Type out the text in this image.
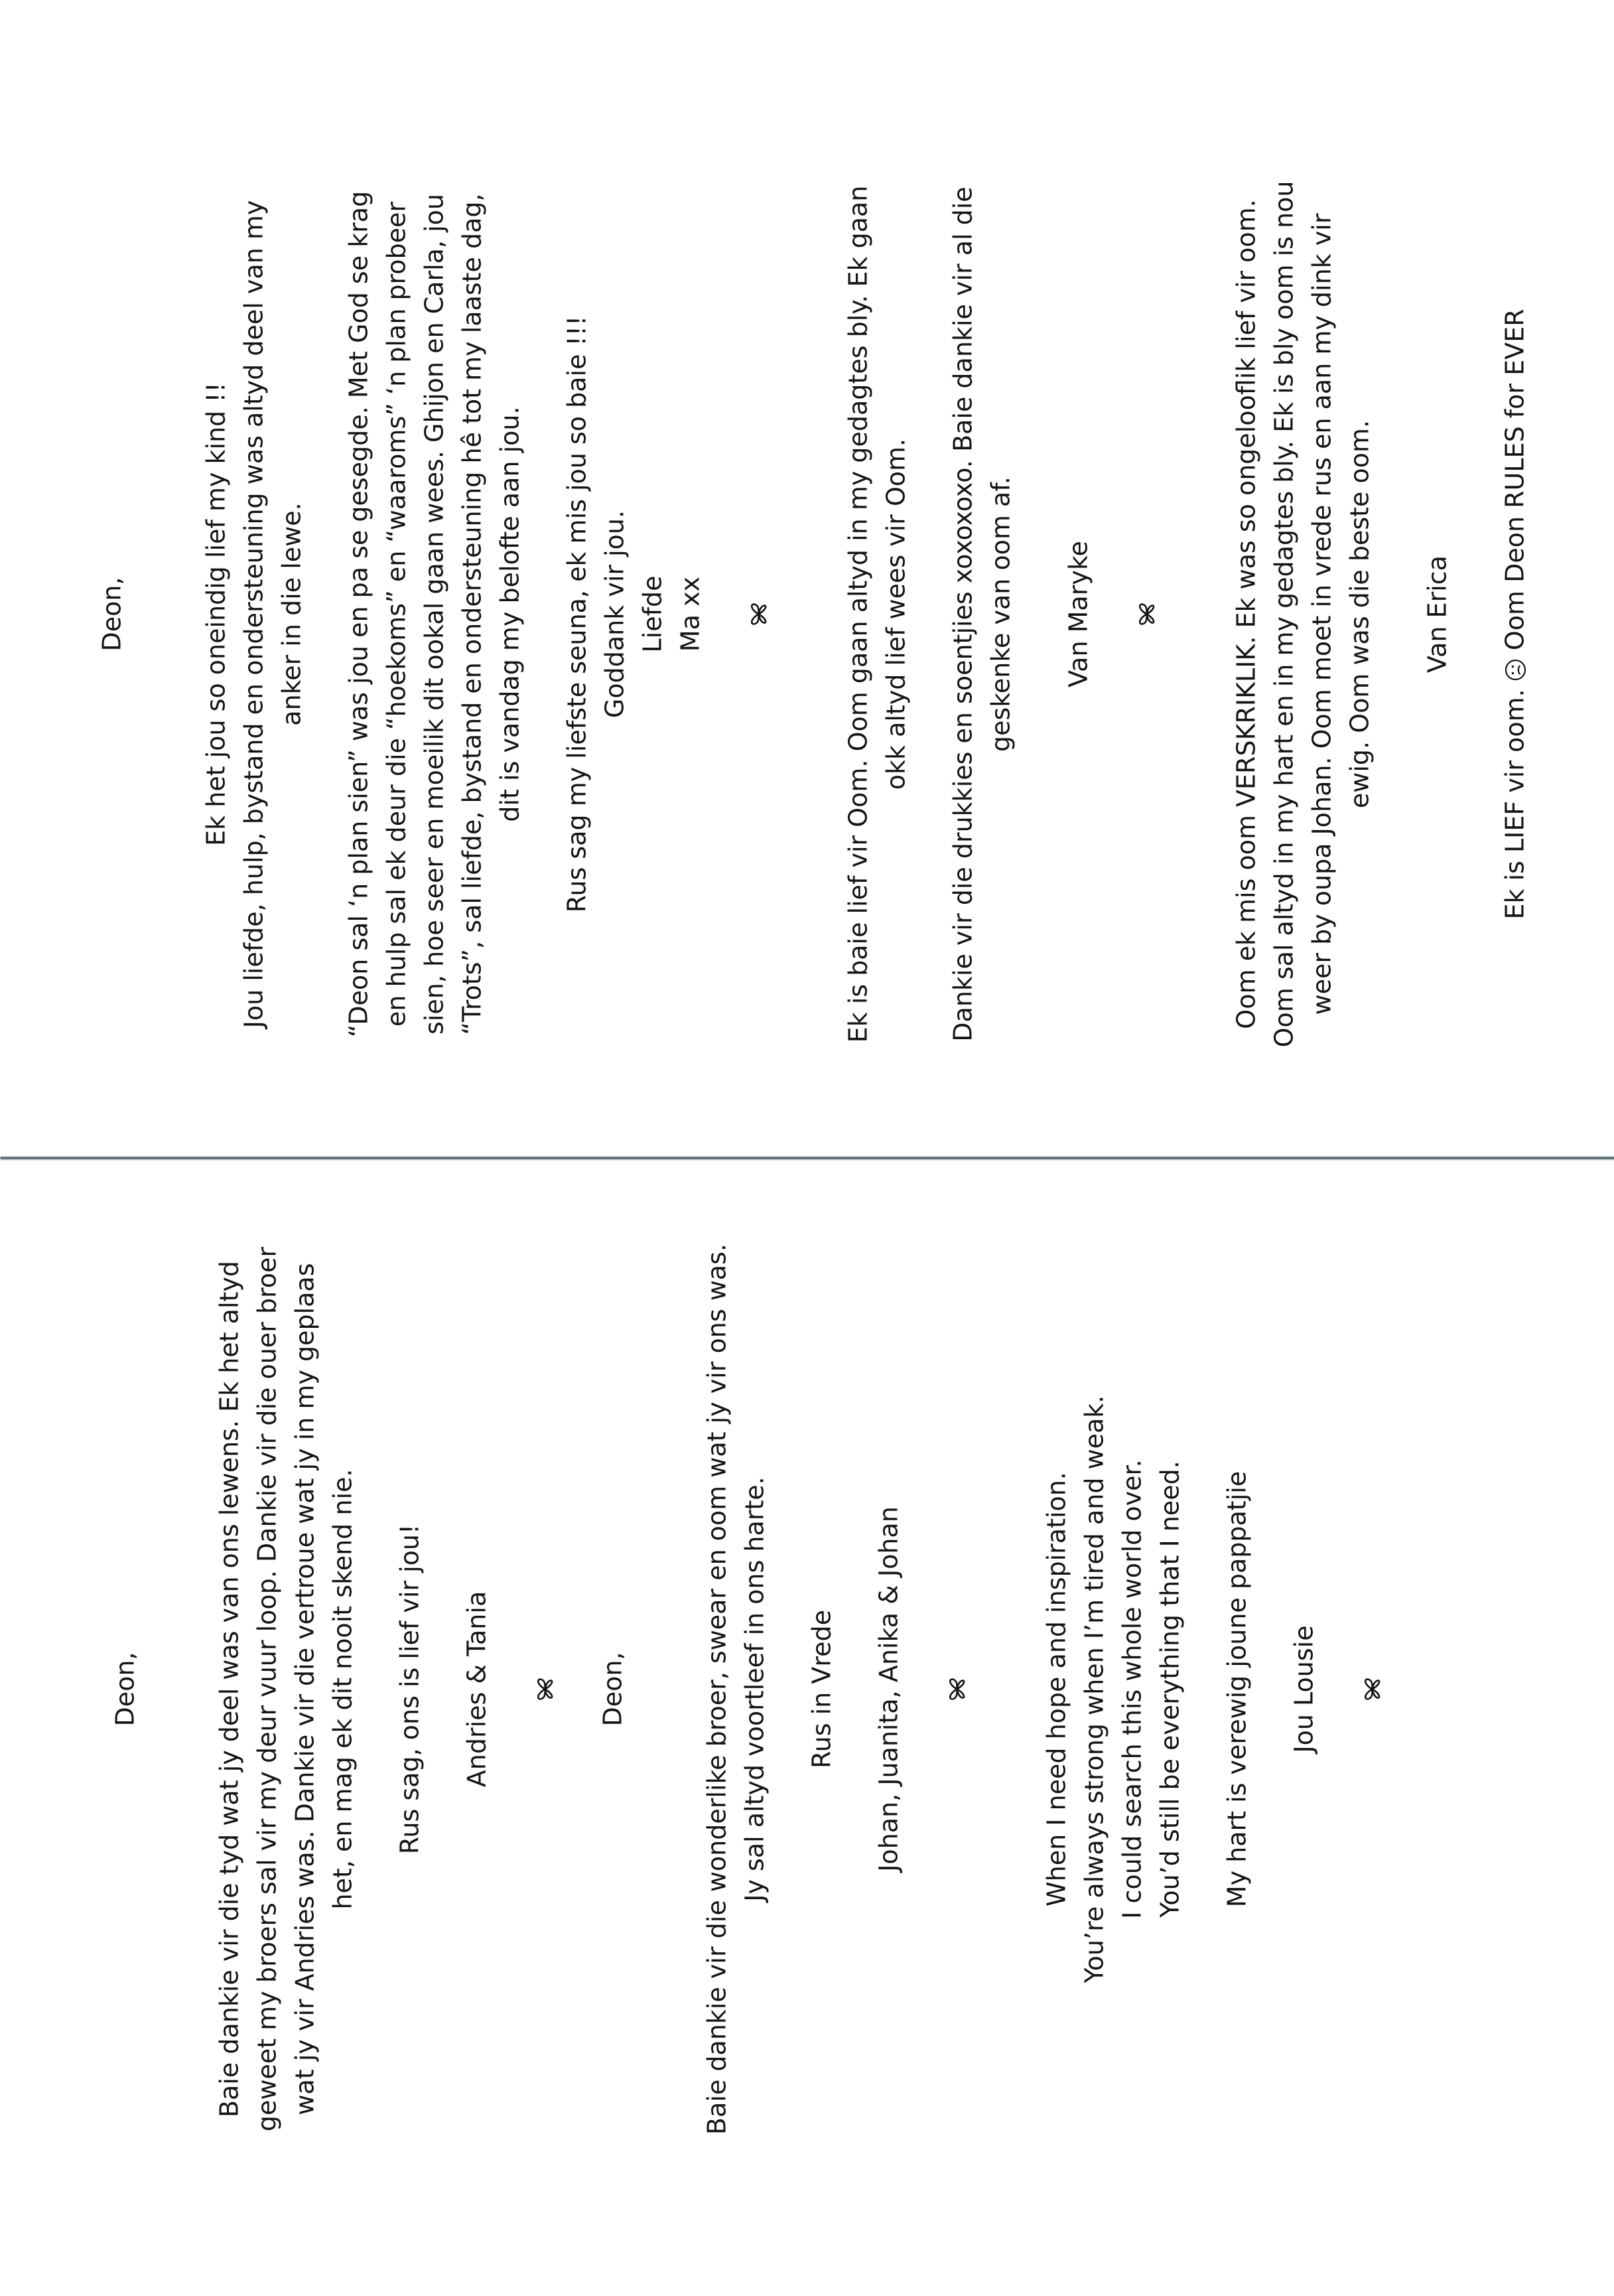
Deon,	Baie dankie vir die tyd wat jy deel was van ons lewens. Ek het altyd geweet my broers sal vir my deur vuur loop. Dankie vir die ouer broer wat jy vir Andries was. Dankie vir die vertroue wat jy in my geplaas het, en mag ek dit nooit skend nie. Rus sag, ons is lief vir jou! Andries & Tania	Deon,	Baie dankie vir die wonderlike broer, swear en oom wat jy vir ons was. Jy sal altyd voortleef in ons harte. Rus in Vrede Johan, Juanita, Anika & Johan	When I need hope and inspiration. You’re always strong when I’m tired and weak. I could search this whole world over. You’d still be everything that I need. My hart is verewig joune pappatjie Jou Lousie
Deon,	Ek het jou so oneindig lief my kind !! Jou liefde, hulp, bystand en ondersteuning was altyd deel van my anker in die lewe. “Deon sal ‘n plan sien” was jou en pa se gesegde. Met God se krag en hulp sal ek deur die “hoekoms” en “waaroms” ‘n plan probeer sien, hoe seer en moeilik dit ookal gaan wees. Ghijon en Carla, jou “Trots”, sal liefde, bystand en ondersteuning hê tot my laaste dag, dit is vandag my belofte aan jou. Rus sag my liefste seuna, ek mis jou so baie !!! Goddank vir jou. Liefde Ma xx	Ek is baie lief vir Oom. Oom gaan altyd in my gedagtes bly. Ek gaan okk altyd lief wees vir Oom. Dankie vir die drukkies en soentjies xoxoxoxo. Baie dankie vir al die geskenke van oom af. Van Maryke	Oom ek mis oom VERSKRIKLIK. Ek was so ongelooflik lief vir oom. Oom sal altyd in my hart en in my gedagtes bly. Ek is bly oom is nou weer by oupa Johan. Oom moet in vrede rus en aan my dink vir ewig. Oom was die beste oom. Van Erica
Ek is LIEF vir oom.  Oom Deon RULES for EVER
